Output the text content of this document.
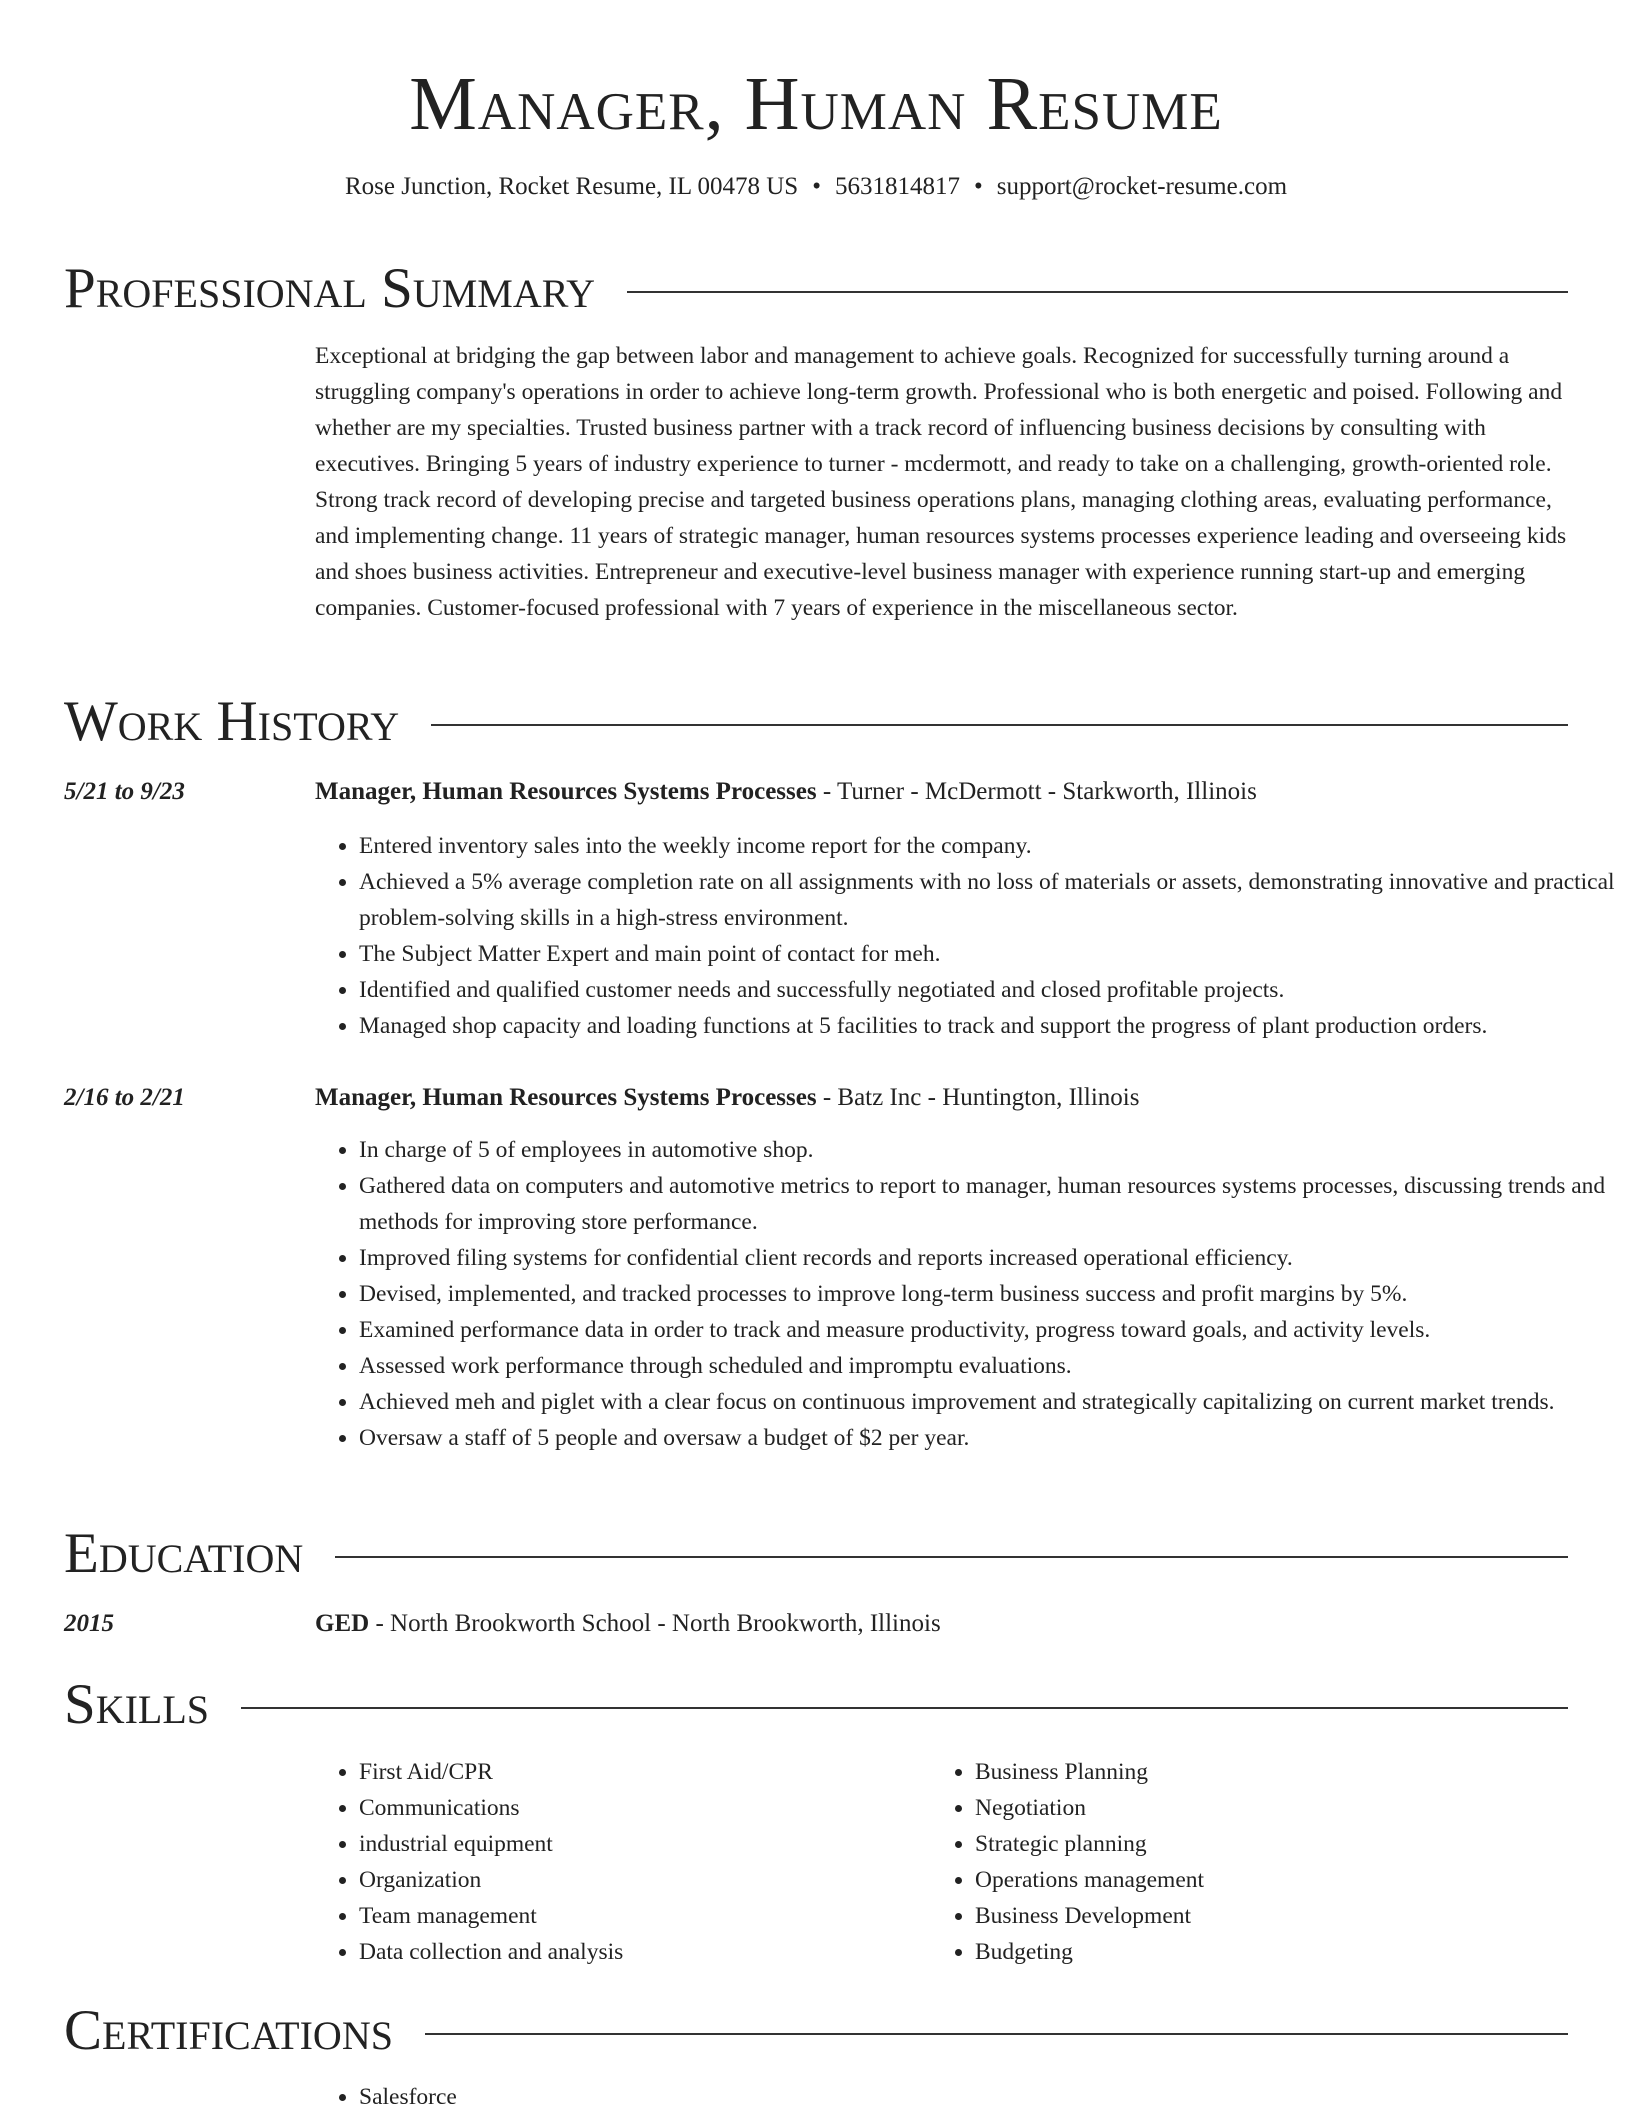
Manager, Human Resume
Rose Junction, Rocket Resume, IL 00478 US • 5631814817 • support@rocket-resume.com
Professional Summary
Exceptional at bridging the gap between labor and management to achieve goals. Recognized for successfully turning around a struggling company's operations in order to achieve long-term growth. Professional who is both energetic and poised. Following and whether are my specialties. Trusted business partner with a track record of influencing business decisions by consulting with executives. Bringing 5 years of industry experience to turner - mcdermott, and ready to take on a challenging, growth-oriented role. Strong track record of developing precise and targeted business operations plans, managing clothing areas, evaluating performance, and implementing change. 11 years of strategic manager, human resources systems processes experience leading and overseeing kids and shoes business activities. Entrepreneur and executive-level business manager with experience running start-up and emerging companies. Customer-focused professional with 7 years of experience in the miscellaneous sector.
Work History
5/21 to 9/23	Manager, Human Resources Systems Processes - Turner - McDermott - Starkworth, Illinois
• Entered inventory sales into the weekly income report for the company.
• Achieved a 5% average completion rate on all assignments with no loss of materials or assets, demonstrating innovative and practical problem-solving skills in a high-stress environment.
• The Subject Matter Expert and main point of contact for meh.
• Identified and qualified customer needs and successfully negotiated and closed profitable projects.
• Managed shop capacity and loading functions at 5 facilities to track and support the progress of plant production orders.
2/16 to 2/21	Manager, Human Resources Systems Processes - Batz Inc - Huntington, Illinois
• In charge of 5 of employees in automotive shop.
• Gathered data on computers and automotive metrics to report to manager, human resources systems processes, discussing trends and methods for improving store performance.
• Improved filing systems for confidential client records and reports increased operational efficiency.
• Devised, implemented, and tracked processes to improve long-term business success and profit margins by 5%.
• Examined performance data in order to track and measure productivity, progress toward goals, and activity levels.
• Assessed work performance through scheduled and impromptu evaluations.
• Achieved meh and piglet with a clear focus on continuous improvement and strategically capitalizing on current market trends.
• Oversaw a staff of 5 people and oversaw a budget of $2 per year.
Education
2015	GED - North Brookworth School - North Brookworth, Illinois
Skills
• First Aid/CPR
• Communications
• industrial equipment
• Organization
• Team management
• Data collection and analysis
• Business Planning
• Negotiation
• Strategic planning
• Operations management
• Business Development
• Budgeting
Certifications
• Salesforce
